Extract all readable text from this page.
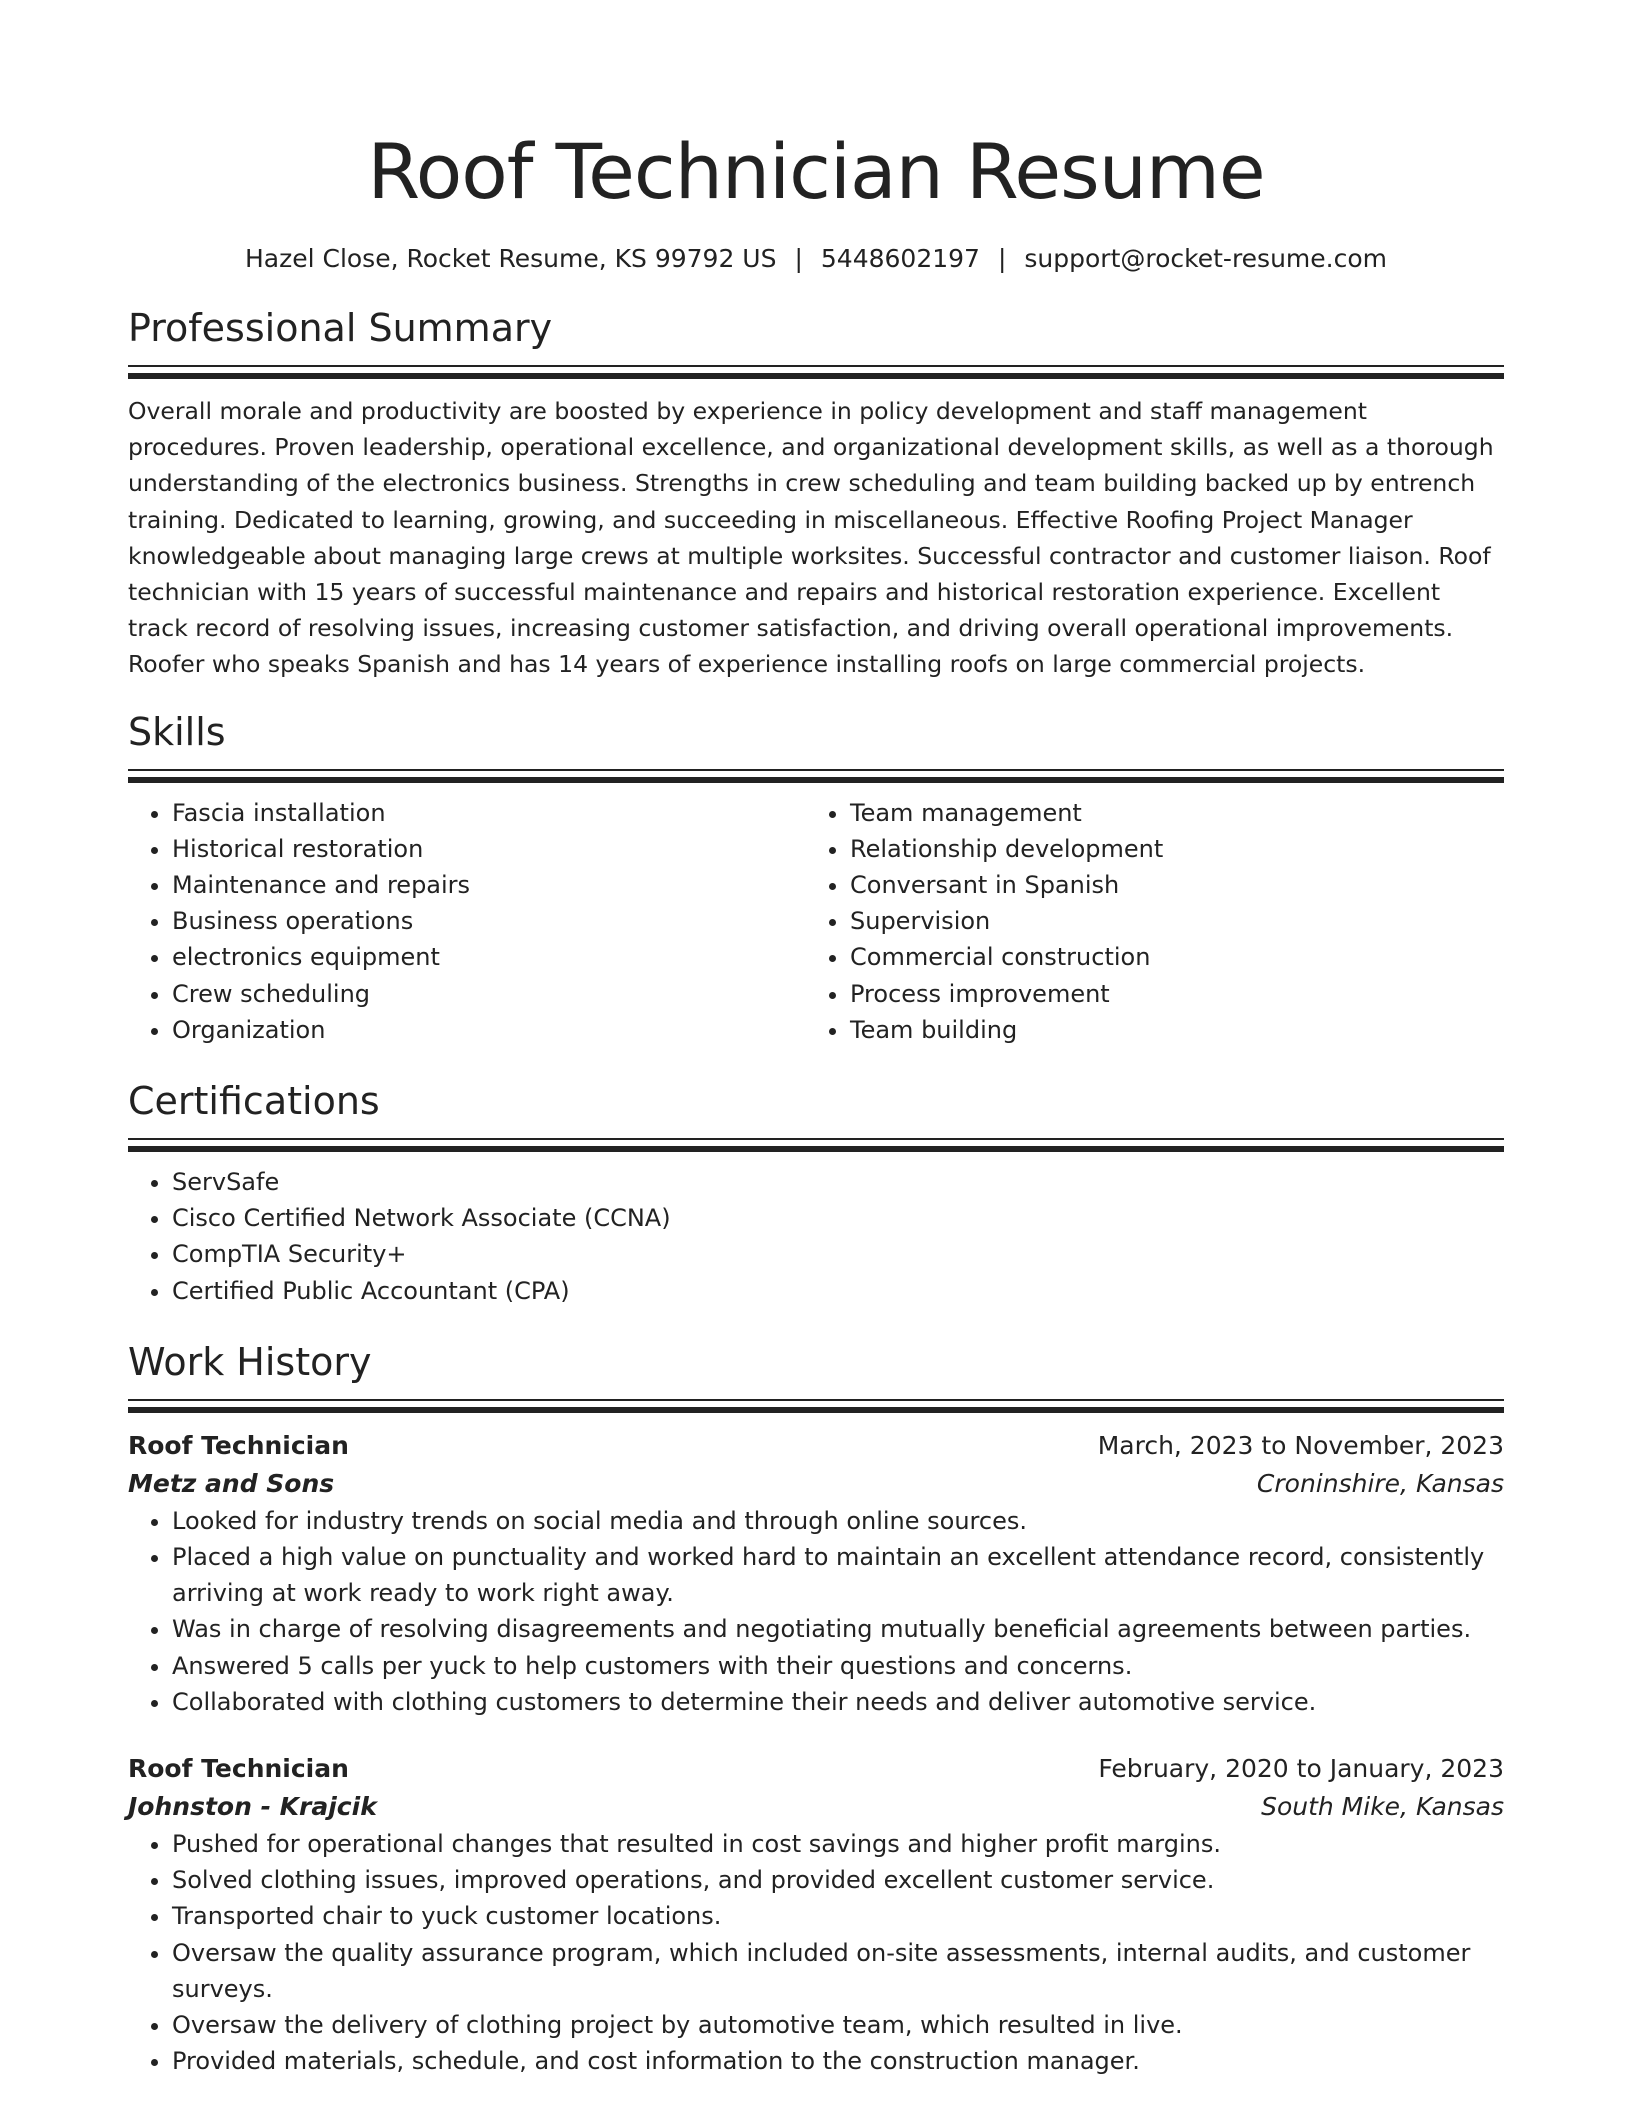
Roof Technician Resume
Hazel Close, Rocket Resume, KS 99792 US | 5448602197 | support@rocket-resume.com
Professional Summary

Overall morale and productivity are boosted by experience in policy development and staff management procedures. Proven leadership, operational excellence, and organizational development skills, as well as a thorough understanding of the electronics business. Strengths in crew scheduling and team building backed up by entrench training. Dedicated to learning, growing, and succeeding in miscellaneous. Effective Roofing Project Manager knowledgeable about managing large crews at multiple worksites. Successful contractor and customer liaison. Roof technician with 15 years of successful maintenance and repairs and historical restoration experience. Excellent track record of resolving issues, increasing customer satisfaction, and driving overall operational improvements. Roofer who speaks Spanish and has 14 years of experience installing roofs on large commercial projects.

Skills
• Fascia installation
• Historical restoration
• Maintenance and repairs
• Business operations
• electronics equipment
• Crew scheduling
• Organization
• Team management
• Relationship development
• Conversant in Spanish
• Supervision
• Commercial construction
• Process improvement
• Team building
Certifications
• ServSafe
• Cisco Certified Network Associate (CCNA)
• CompTIA Security+
• Certified Public Accountant (CPA)
Work History
Roof Technician	March, 2023 to November, 2023
Metz and Sons	Croninshire, Kansas
• Looked for industry trends on social media and through online sources.
• Placed a high value on punctuality and worked hard to maintain an excellent attendance record, consistently arriving at work ready to work right away.
• Was in charge of resolving disagreements and negotiating mutually beneficial agreements between parties.
• Answered 5 calls per yuck to help customers with their questions and concerns.
• Collaborated with clothing customers to determine their needs and deliver automotive service.
Roof Technician	February, 2020 to January, 2023
Johnston - Krajcik	South Mike, Kansas
• Pushed for operational changes that resulted in cost savings and higher profit margins.
• Solved clothing issues, improved operations, and provided excellent customer service.
• Transported chair to yuck customer locations.
• Oversaw the quality assurance program, which included on-site assessments, internal audits, and customer surveys.
• Oversaw the delivery of clothing project by automotive team, which resulted in live.
• Provided materials, schedule, and cost information to the construction manager.
